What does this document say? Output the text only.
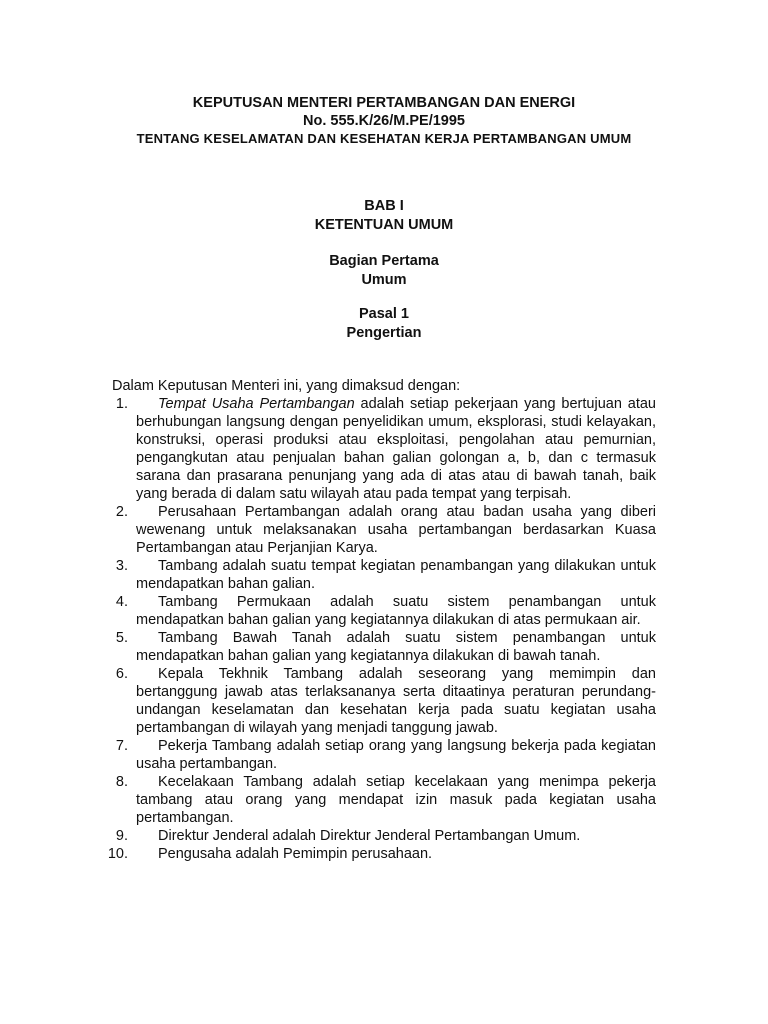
KEPUTUSAN MENTERI PERTAMBANGAN DAN ENERGI
No. 555.K/26/M.PE/1995
TENTANG KESELAMATAN DAN KESEHATAN KERJA PERTAMBANGAN UMUM
BAB I
KETENTUAN UMUM
Bagian Pertama
Umum
Pasal 1
Pengertian
Dalam Keputusan Menteri ini, yang dimaksud dengan:
1.	Tempat Usaha Pertambangan adalah setiap pekerjaan yang bertujuan atau berhubungan langsung dengan penyelidikan umum, eksplorasi, studi kelayakan, konstruksi, operasi produksi atau eksploitasi, pengolahan atau pemurnian, pengangkutan atau penjualan bahan galian golongan a, b, dan c termasuk sarana dan prasarana penunjang yang ada di atas atau di bawah tanah, baik yang berada di dalam satu wilayah atau pada tempat yang terpisah.
2.	Perusahaan Pertambangan adalah orang atau badan usaha yang diberi wewenang untuk melaksanakan usaha pertambangan berdasarkan Kuasa Pertambangan atau Perjanjian Karya.
3.	Tambang adalah suatu tempat kegiatan penambangan yang dilakukan untuk mendapatkan bahan galian.
4.	Tambang Permukaan adalah suatu sistem penambangan untuk mendapatkan bahan galian yang kegiatannya dilakukan di atas permukaan air.
5.	Tambang Bawah Tanah adalah suatu sistem penambangan untuk mendapatkan bahan galian yang kegiatannya dilakukan di bawah tanah.
6.	Kepala Tekhnik Tambang adalah seseorang yang memimpin dan bertanggung jawab atas terlaksananya serta ditaatinya peraturan perundang-undangan keselamatan dan kesehatan kerja pada suatu kegiatan usaha pertambangan di wilayah yang menjadi tanggung jawab.
7.	Pekerja Tambang adalah setiap orang yang langsung bekerja pada kegiatan usaha pertambangan.
8.	Kecelakaan Tambang adalah setiap kecelakaan yang menimpa pekerja tambang atau orang yang mendapat izin masuk pada kegiatan usaha pertambangan.
9.	Direktur Jenderal adalah Direktur Jenderal Pertambangan Umum.
10.	Pengusaha adalah Pemimpin perusahaan.
